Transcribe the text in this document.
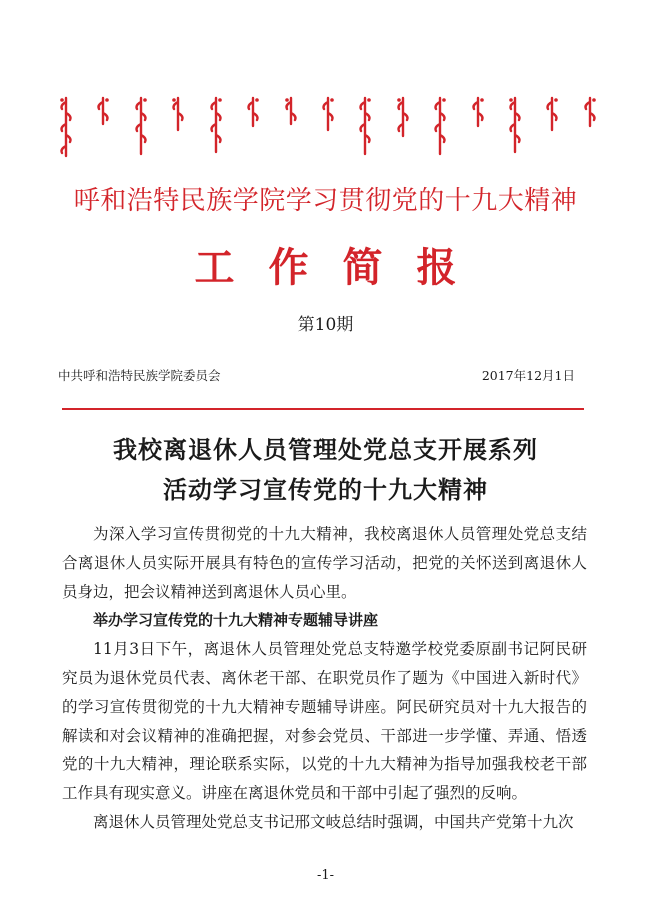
呼和浩特民族学院学习贯彻党的十九大精神
工作简报
第10期
中共呼和浩特民族学院委员会	2017年12月1日
我校离退休人员管理处党总支开展系列
活动学习宣传党的十九大精神

为深入学习宣传贯彻党的十九大精神，我校离退休人员管理处党总支结合离退休人员实际开展具有特色的宣传学习活动，把党的关怀送到离退休人员身边，把会议精神送到离退休人员心里。

举办学习宣传党的十九大精神专题辅导讲座

11月3日下午，离退休人员管理处党总支特邀学校党委原副书记阿民研究员为退休党员代表、离休老干部、在职党员作了题为《中国进入新时代》的学习宣传贯彻党的十九大精神专题辅导讲座。阿民研究员对十九大报告的解读和对会议精神的准确把握，对参会党员、干部进一步学懂、弄通、悟透党的十九大精神，理论联系实际，以党的十九大精神为指导加强我校老干部工作具有现实意义。讲座在离退休党员和干部中引起了强烈的反响。

离退休人员管理处党总支书记邢文岐总结时强调，中国共产党第十九次

-1-
